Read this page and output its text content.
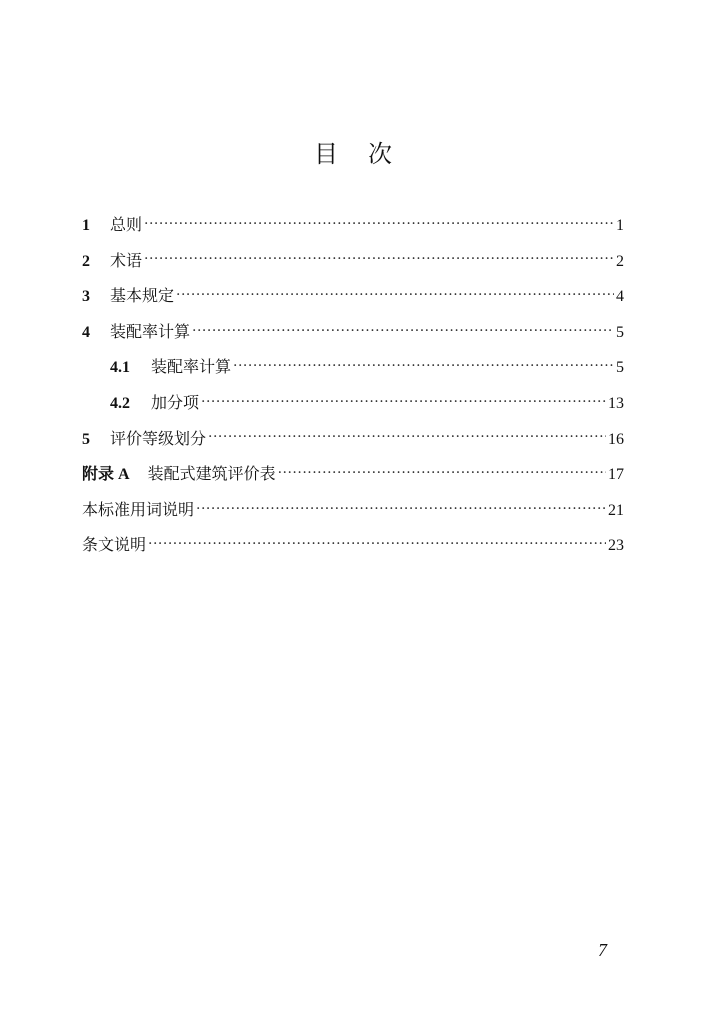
目 次
1	总则 ·····	1
2	术语 ·····	2
3	基本规定 ·····	4
4	装配率计算 ·····	5
4.1	装配率计算 ·····	5
4.2	加分项 ·····	13
5	评价等级划分 ·····	16
附录 A 装配式建筑评价表 ·····	17
本标准用词说明 ·····	21
条文说明 ·····	23
7
